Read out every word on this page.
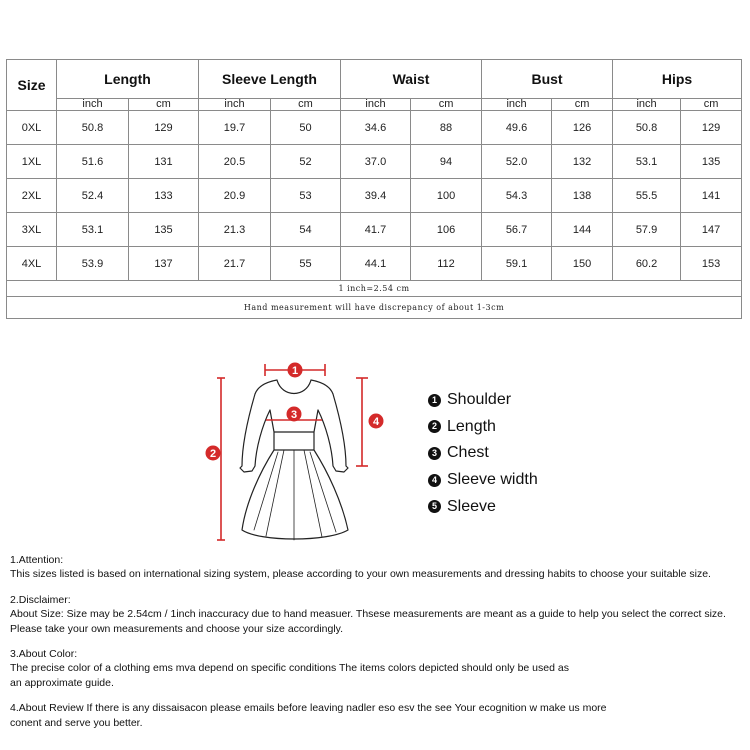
Size	Length		Sleeve Length		Waist		Bust		Hips	
	inch	cm	inch	cm	inch	cm	inch	cm	inch	cm
0XL	50.8	129	19.7	50	34.6	88	49.6	126	50.8	129
1XL	51.6	131	20.5	52	37.0	94	52.0	132	53.1	135
2XL	52.4	133	20.9	53	39.4	100	54.3	138	55.5	141
3XL	53.1	135	21.3	54	41.7	106	56.7	144	57.9	147
4XL	53.9	137	21.7	55	44.1	112	59.1	150	60.2	153
1 inch=2.54 cm										
Hand measurement will have discrepancy of about 1-3cm										
1
3
2
4
1 Shoulder
2 Length
3 Chest
4 Sleeve width
5 Sleeve

1.Attention:

This sizes listed is based on international sizing system, please according to your own measurements and dressing habits to choose your suitable size.

2.Disclaimer:

About Size: Size may be 2.54cm / 1inch inaccuracy due to hand measuer. Thsese measurements are meant as a guide to help you select the correct size.

Please take your own measurements and choose your size accordingly.

3.About Color:

The precise color of a clothing ems mva depend on specific conditions The items colors depicted should only be used as

an approximate guide.

4.About Review If there is any dissaisacon please emails before leaving nadler eso esv the see Your ecognition w make us more

conent and serve you better.
